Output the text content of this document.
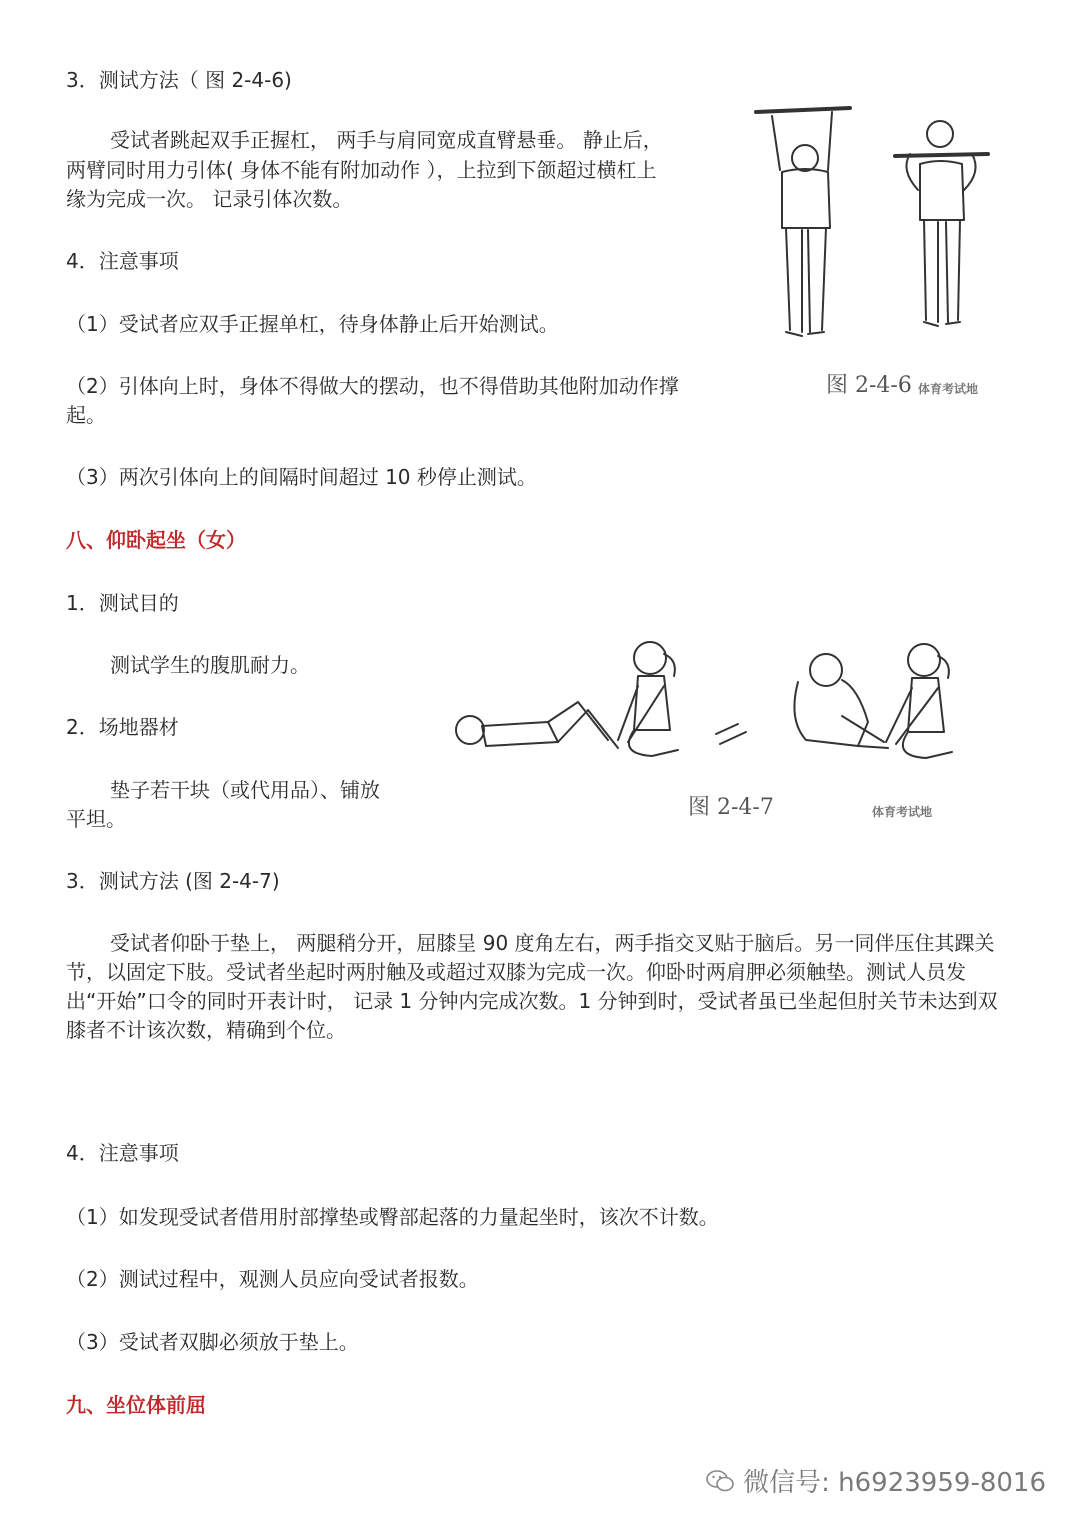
3．测试方法（ 图 2-4-6)
受试者跳起双手正握杠， 两手与肩同宽成直臂悬垂。 静止后，
两臂同时用力引体( 身体不能有附加动作 ），上拉到下颌超过横杠上
缘为完成一次。 记录引体次数。
4．注意事项
（1）受试者应双手正握单杠，待身体静止后开始测试。
（2）引体向上时，身体不得做大的摆动，也不得借助其他附加动作撑
起。
（3）两次引体向上的间隔时间超过 10 秒停止测试。
图 2-4-6 体育考试地
八、仰卧起坐（女）
1．测试目的
测试学生的腹肌耐力。
2．场地器材
垫子若干块（或代用品）、铺放
平坦。	图 2-4-7	体育考试地
3．测试方法 (图 2-4-7)
受试者仰卧于垫上， 两腿稍分开，屈膝呈 90 度角左右，两手指交叉贴于脑后。另一同伴压住其踝关节，以固定下肢。受试者坐起时两肘触及或超过双膝为完成一次。仰卧时两肩胛必须触垫。测试人员发出“开始”口令的同时开表计时， 记录 1 分钟内完成次数。1 分钟到时，受试者虽已坐起但肘关节未达到双膝者不计该次数，精确到个位。
4．注意事项
（1）如发现受试者借用肘部撑垫或臀部起落的力量起坐时，该次不计数。
（2）测试过程中，观测人员应向受试者报数。
（3）受试者双脚必须放于垫上。
九、坐位体前屈
微信号: h6923959-8016
